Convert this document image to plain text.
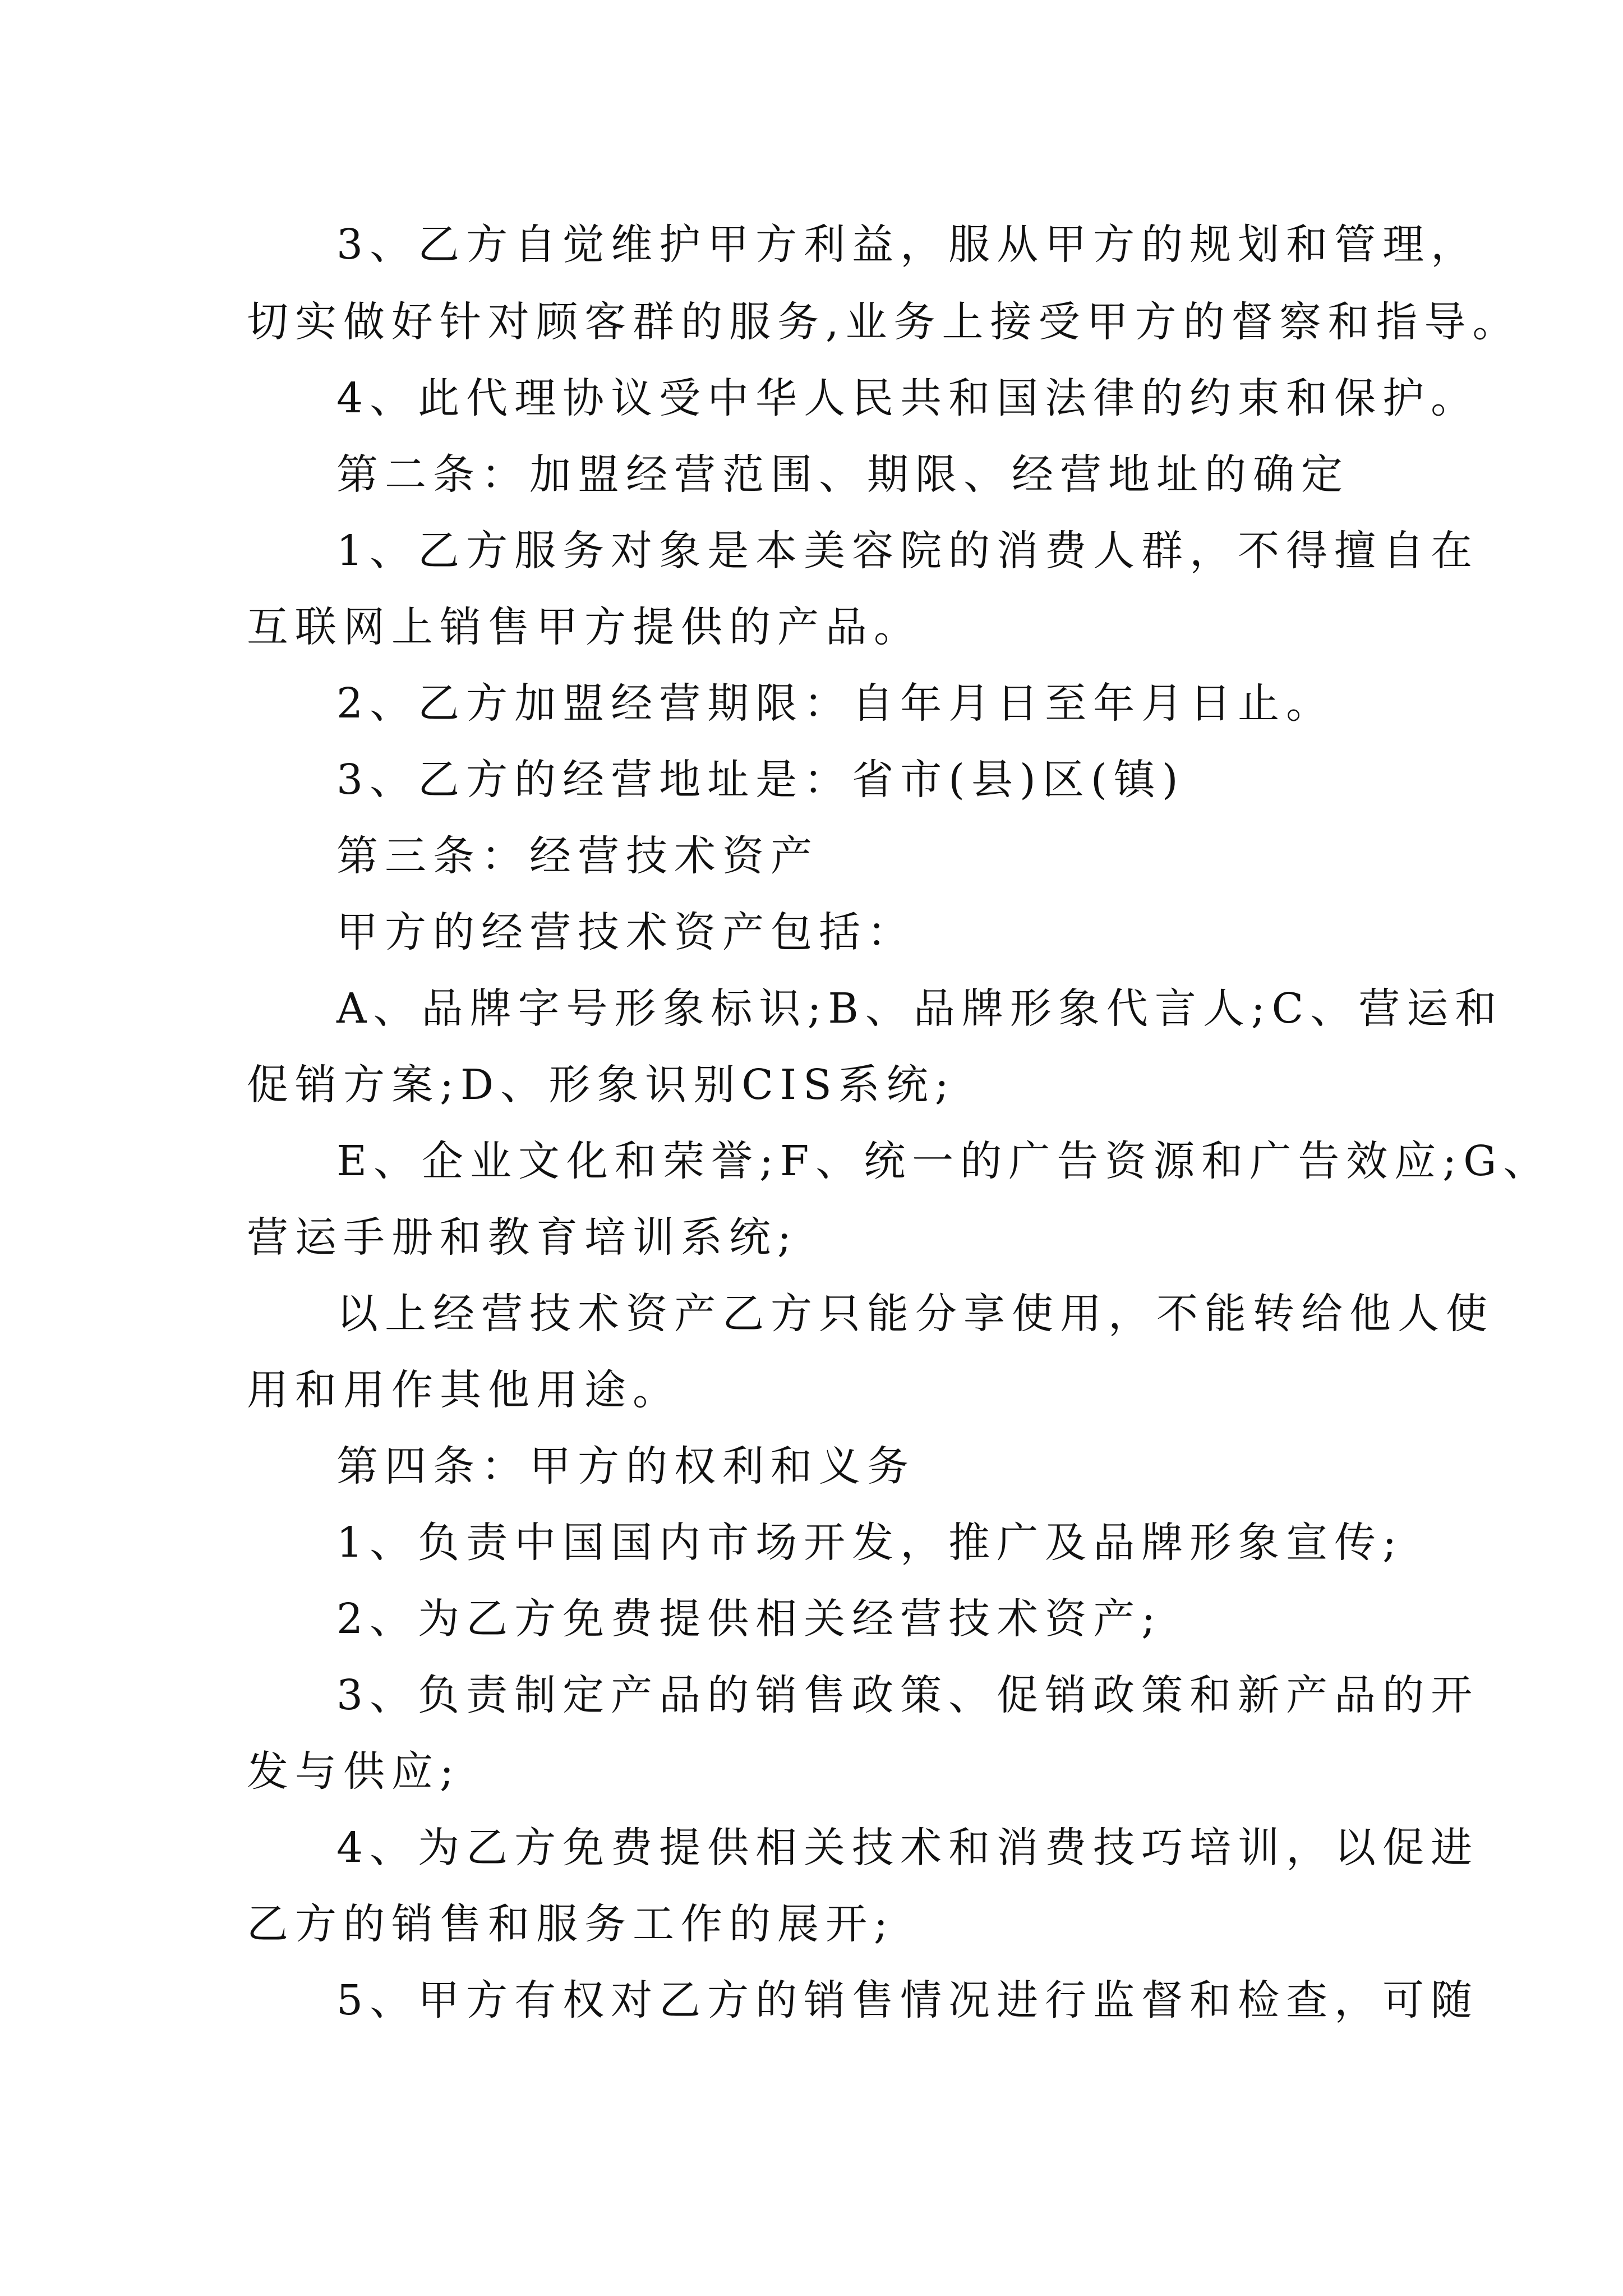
3、乙方自觉维护甲方利益，服从甲方的规划和管理，
切实做好针对顾客群的服务,业务上接受甲方的督察和指导。
4、此代理协议受中华人民共和国法律的约束和保护。
第二条：加盟经营范围、期限、经营地址的确定
1、乙方服务对象是本美容院的消费人群，不得擅自在
互联网上销售甲方提供的产品。
2、乙方加盟经营期限：自年月日至年月日止。
3、乙方的经营地址是：省市(县)区(镇)
第三条：经营技术资产
甲方的经营技术资产包括：
A、品牌字号形象标识;B、品牌形象代言人;C、营运和
促销方案;D、形象识别CIS系统;
E、企业文化和荣誉;F、统一的广告资源和广告效应;G、
营运手册和教育培训系统;
以上经营技术资产乙方只能分享使用，不能转给他人使
用和用作其他用途。
第四条：甲方的权利和义务
1、负责中国国内市场开发，推广及品牌形象宣传;
2、为乙方免费提供相关经营技术资产;
3、负责制定产品的销售政策、促销政策和新产品的开
发与供应;
4、为乙方免费提供相关技术和消费技巧培训，以促进
乙方的销售和服务工作的展开;
5、甲方有权对乙方的销售情况进行监督和检查，可随
